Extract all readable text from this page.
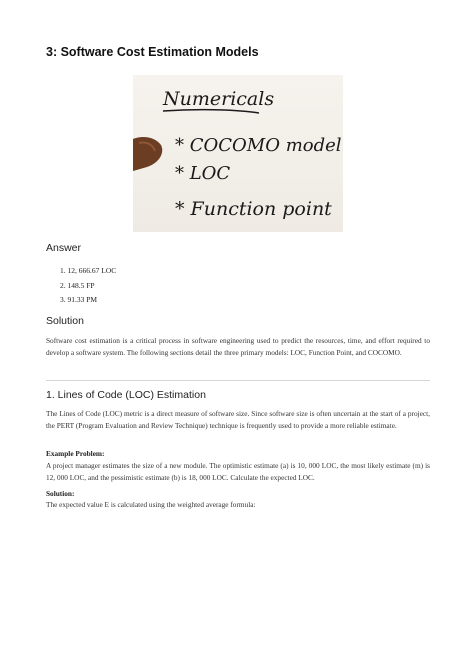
3: Software Cost Estimation Models
Numericals
* COCOMO model
* LOC
* Function point
Answer
1. 12, 666.67 LOC
2. 148.5 FP
3. 91.33 PM
Solution

Software cost estimation is a critical process in software engineering used to predict the resources, time, and effort required to develop a software system. The following sections detail the three primary models: LOC, Function Point, and COCOMO.

1. Lines of Code (LOC) Estimation

The Lines of Code (LOC) metric is a direct measure of software size. Since software size is often uncertain at the start of a project, the PERT (Program Evaluation and Review Technique) technique is frequently used to provide a more reliable estimate.

Example Problem:

A project manager estimates the size of a new module. The optimistic estimate (a) is 10, 000 LOC, the most likely estimate (m) is 12, 000 LOC, and the pessimistic estimate (b) is 18, 000 LOC. Calculate the expected LOC.

Solution:

The expected value E is calculated using the weighted average formula:
